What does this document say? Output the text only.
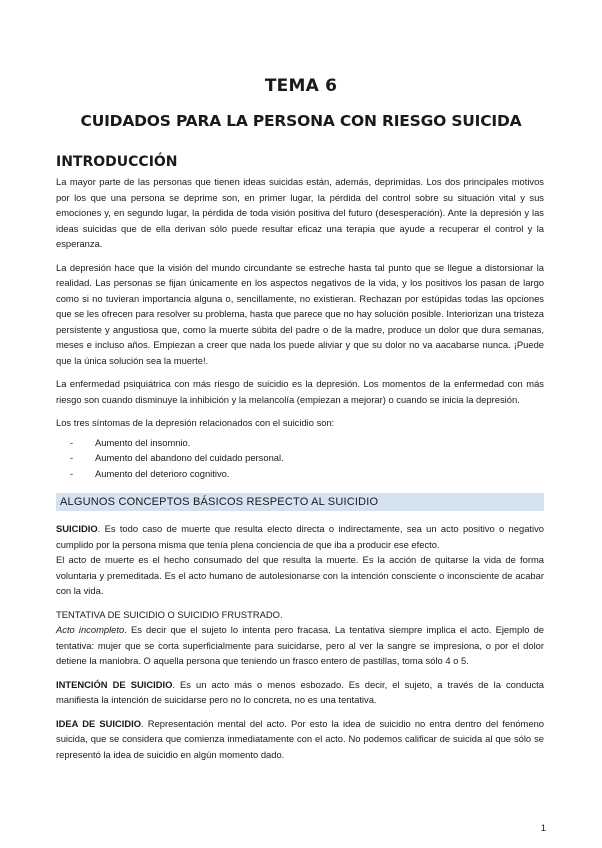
TEMA 6
CUIDADOS PARA LA PERSONA CON RIESGO SUICIDA
INTRODUCCIÓN

La mayor parte de las personas que tienen ideas suicidas están, además, deprimidas. Los dos principales motivos por los que una persona se deprime son, en primer lugar, la pérdida del control sobre su situación vital y sus emociones y, en segundo lugar, la pérdida de toda visión positiva del futuro (desesperación). Ante la depresión y las ideas suicidas que de ella derivan sólo puede resultar eficaz una terapia que ayude a recuperar el control y la esperanza.

La depresión hace que la visión del mundo circundante se estreche hasta tal punto que se llegue a distorsionar la realidad. Las personas se fijan únicamente en los aspectos negativos de la vida, y los positivos los pasan de largo como si no tuvieran importancia alguna o, sencillamente, no existieran. Rechazan por estúpidas todas las opciones que se les ofrecen para resolver su problema, hasta que parece que no hay solución posible. Interiorizan una tristeza persistente y angustiosa que, como la muerte súbita del padre o de la madre, produce un dolor que dura semanas, meses e incluso años. Empiezan a creer que nada los puede aliviar y que su dolor no va aacabarse nunca. ¡Puede que la única solución sea la muerte!.

La enfermedad psiquiátrica con más riesgo de suicidio es la depresión. Los momentos de la enfermedad con más riesgo son cuando disminuye la inhibición y la melancolía (empiezan a mejorar) o cuando se inicia la depresión.

Los tres síntomas de la depresión relacionados con el suicidio son:

-	Aumento del insomnio.
-	Aumento del abandono del cuidado personal.
-	Aumento del deterioro cognitivo.
ALGUNOS CONCEPTOS BÁSICOS RESPECTO AL SUICIDIO

SUICIDIO. Es todo caso de muerte que resulta electo directa o indirectamente, sea un acto positivo o negativo cumplido por la persona misma que tenía plena conciencia de que iba a producir ese efecto.

El acto de muerte es el hecho consumado del que resulta la muerte. Es la acción de quitarse la vida de forma voluntaria y premeditada. Es el acto humano de autolesionarse con la intención consciente o inconsciente de acabar con la vida.

TENTATIVA DE SUICIDIO O SUICIDIO FRUSTRADO.

Acto incompleto. Es decir que el sujeto lo intenta pero fracasa. La tentativa siempre implica el acto. Ejemplo de tentativa: mujer que se corta superficialmente para suicidarse, pero al ver la sangre se impresiona, o por el dolor detiene la maniobra. O aquella persona que teniendo un frasco entero de pastillas, toma sólo 4 o 5.

INTENCIÓN DE SUICIDIO. Es un acto más o menos esbozado. Es decir, el sujeto, a través de la conducta manifiesta la intención de suicidarse pero no lo concreta, no es una tentativa.

IDEA DE SUICIDIO. Representación mental del acto. Por esto la idea de suicidio no entra dentro del fenómeno suicida, que se considera que comienza inmediatamente con el acto. No podemos calificar de suicida al que sólo se representó la idea de suicidio en algún momento dado.

1
